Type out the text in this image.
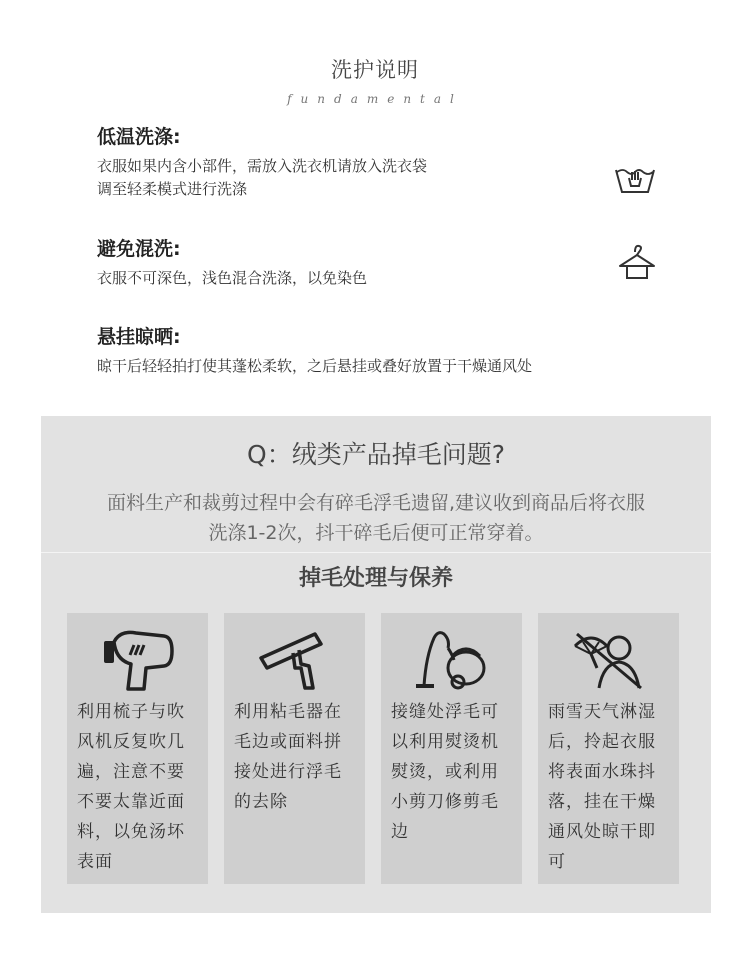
洗护说明
fundamental
低温洗涤:

衣服如果内含小部件，需放入洗衣机请放入洗衣袋
调至轻柔模式进行洗涤

避免混洗:

衣服不可深色，浅色混合洗涤，以免染色

悬挂晾晒:

晾干后轻轻拍打使其蓬松柔软，之后悬挂或叠好放置于干燥通风处

Q：绒类产品掉毛问题?
面料生产和裁剪过程中会有碎毛浮毛遗留,建议收到商品后将衣服
洗涤1-2次，抖干碎毛后便可正常穿着。
掉毛处理与保养
利用梳子与吹风机反复吹几遍，注意不要不要太靠近面料，以免汤坏表面
利用粘毛器在毛边或面料拼接处进行浮毛的去除
接缝处浮毛可以利用熨烫机熨烫，或利用小剪刀修剪毛边
雨雪天气淋湿后，拎起衣服将表面水珠抖落，挂在干燥通风处晾干即可
